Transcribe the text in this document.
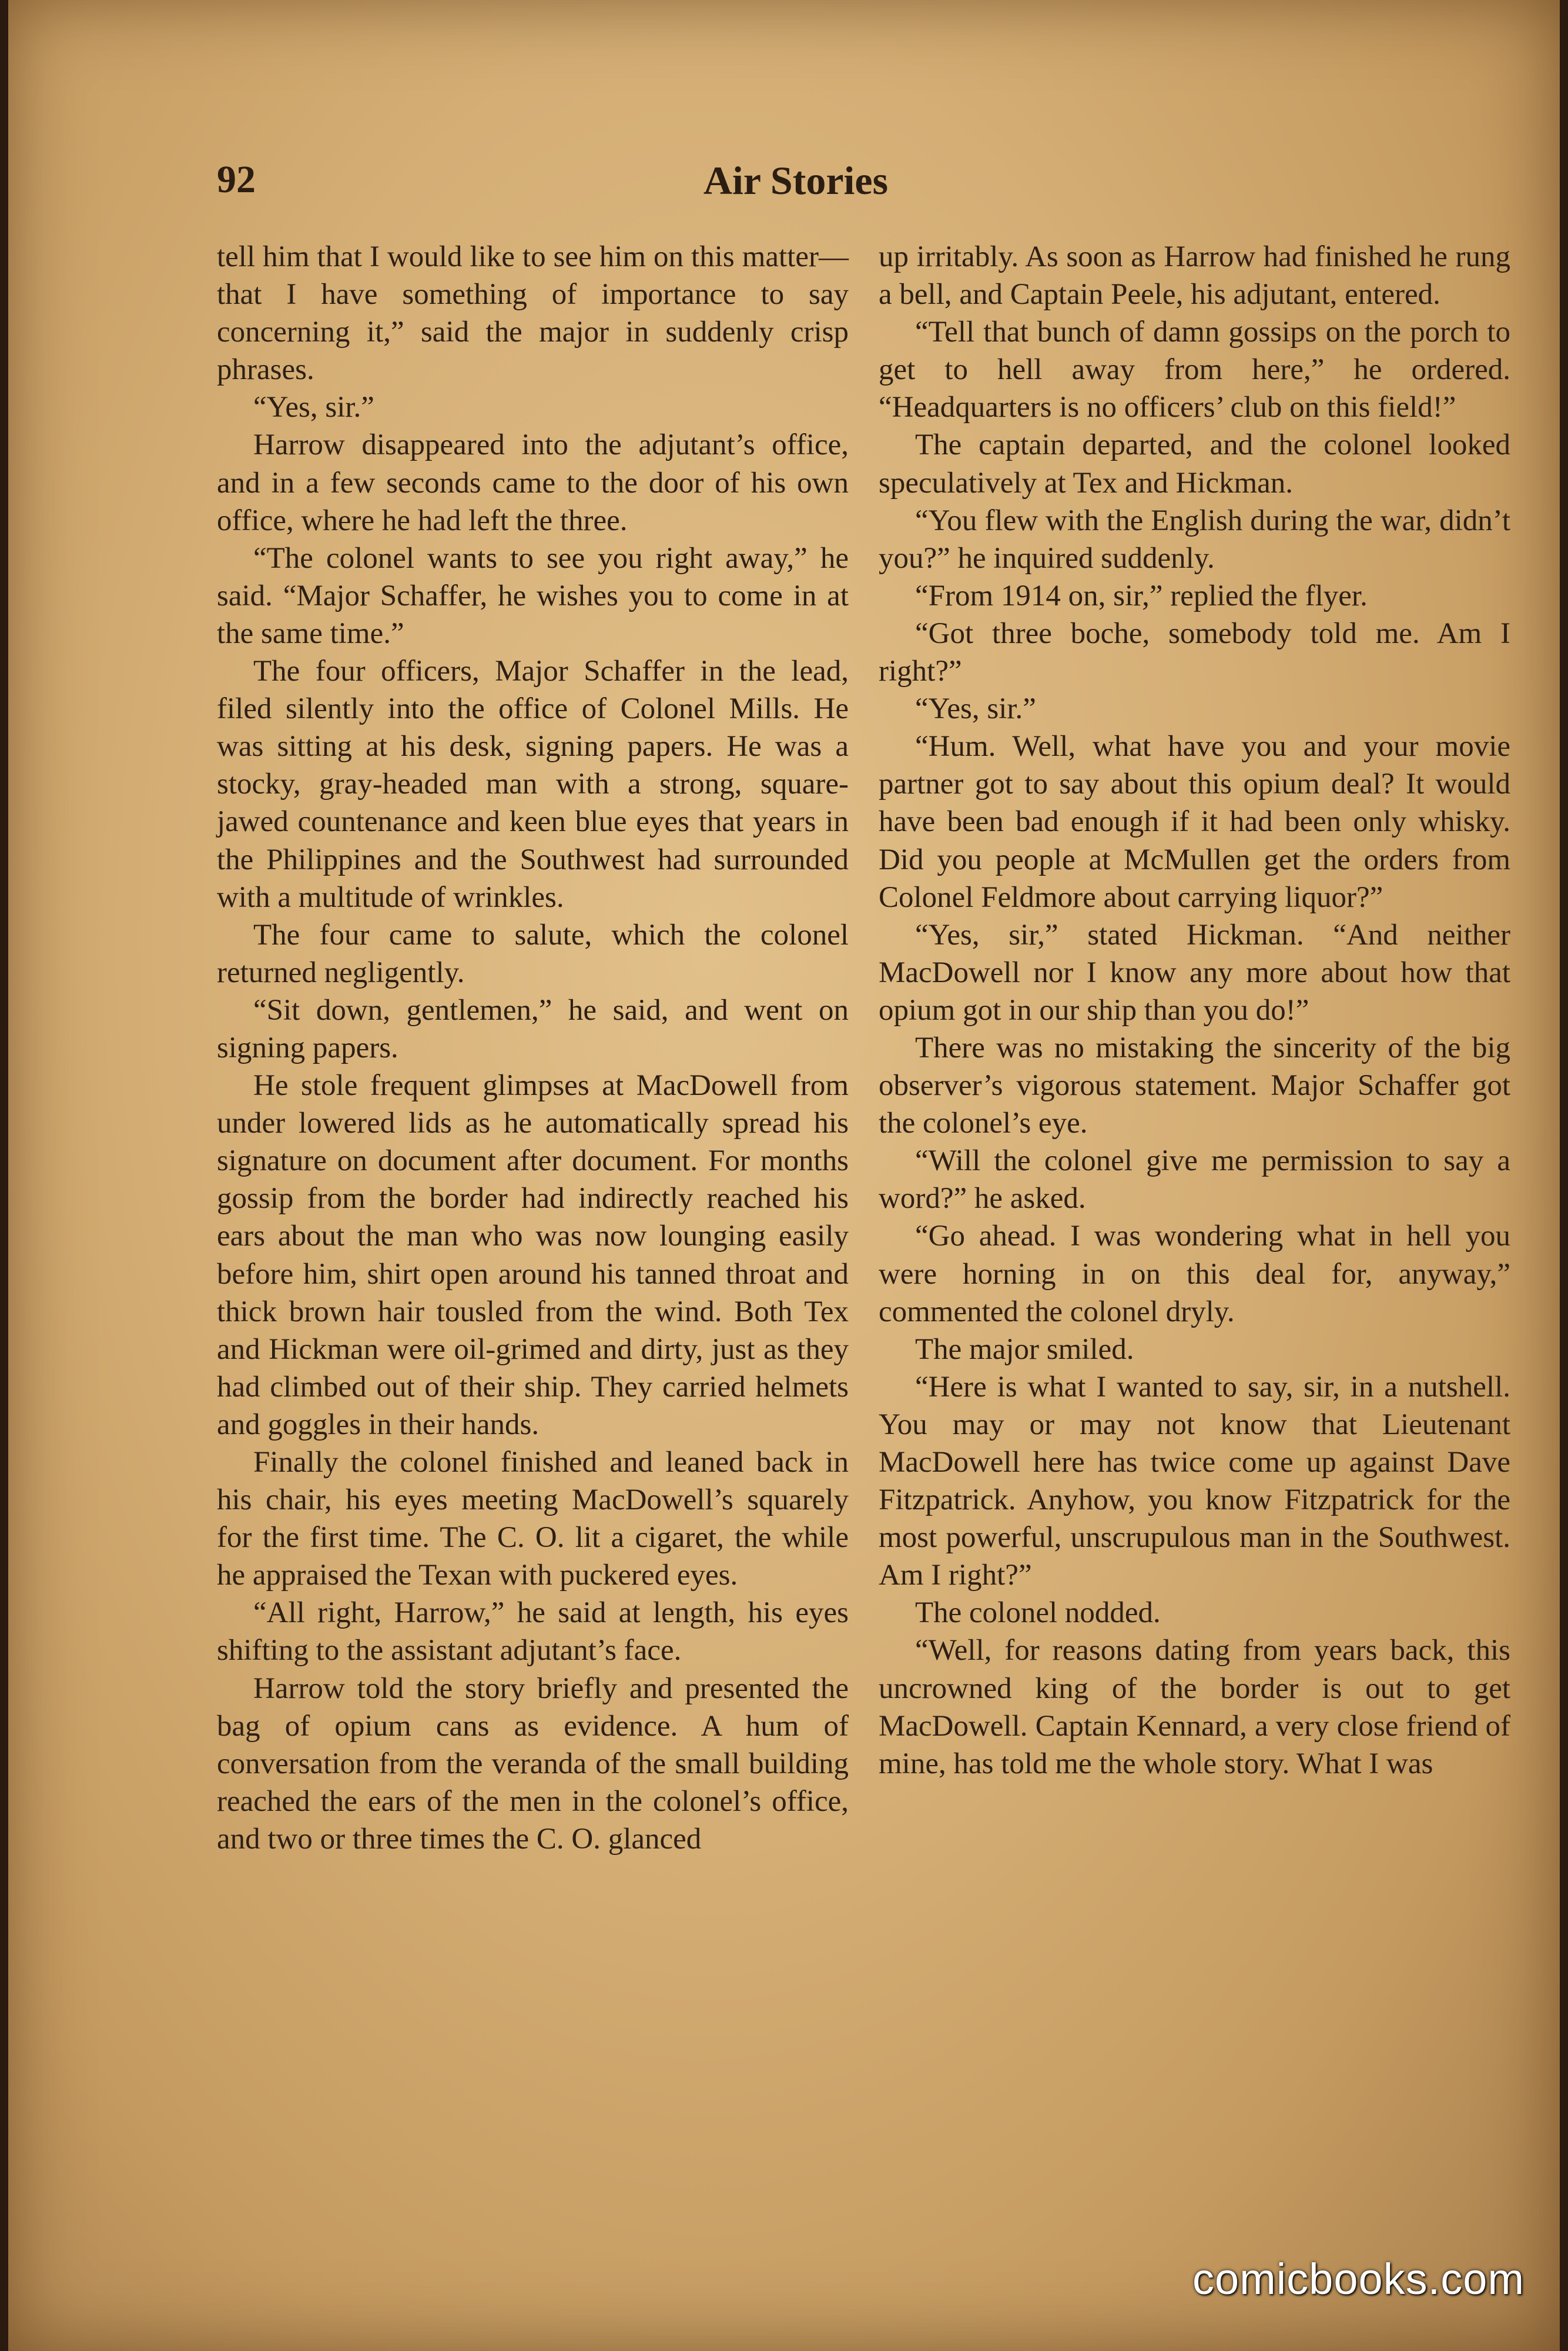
92	Air Stories

tell him that I would like to see him on this matter—that I have something of importance to say concerning it,” said the major in suddenly crisp phrases.

“Yes, sir.”

Harrow disappeared into the adjutant’s office, and in a few seconds came to the door of his own office, where he had left the three.

“The colonel wants to see you right away,” he said. “Major Schaffer, he wishes you to come in at the same time.”

The four officers, Major Schaffer in the lead, filed silently into the office of Colonel Mills. He was sitting at his desk, signing papers. He was a stocky, gray-headed man with a strong, square-jawed countenance and keen blue eyes that years in the Philippines and the Southwest had surrounded with a multitude of wrinkles.

The four came to salute, which the colonel returned negligently.

“Sit down, gentlemen,” he said, and went on signing papers.

He stole frequent glimpses at MacDowell from under lowered lids as he automatically spread his signature on document after document. For months gossip from the border had indirectly reached his ears about the man who was now lounging easily before him, shirt open around his tanned throat and thick brown hair tousled from the wind. Both Tex and Hickman were oil-grimed and dirty, just as they had climbed out of their ship. They carried helmets and goggles in their hands.

Finally the colonel finished and leaned back in his chair, his eyes meeting MacDowell’s squarely for the first time. The C. O. lit a cigaret, the while he appraised the Texan with puckered eyes.

“All right, Harrow,” he said at length, his eyes shifting to the assistant adjutant’s face.

Harrow told the story briefly and presented the bag of opium cans as evidence. A hum of conversation from the veranda of the small building reached the ears of the men in the colonel’s office, and two or three times the C. O. glanced

up irritably. As soon as Harrow had finished he rung a bell, and Captain Peele, his adjutant, entered.

“Tell that bunch of damn gossips on the porch to get to hell away from here,” he ordered. “Headquarters is no officers’ club on this field!”

The captain departed, and the colonel looked speculatively at Tex and Hickman.

“You flew with the English during the war, didn’t you?” he inquired suddenly.

“From 1914 on, sir,” replied the flyer.

“Got three boche, somebody told me. Am I right?”

“Yes, sir.”

“Hum. Well, what have you and your movie partner got to say about this opium deal? It would have been bad enough if it had been only whisky. Did you people at McMullen get the orders from Colonel Feldmore about carrying liquor?”

“Yes, sir,” stated Hickman. “And neither MacDowell nor I know any more about how that opium got in our ship than you do!”

There was no mistaking the sincerity of the big observer’s vigorous statement. Major Schaffer got the colonel’s eye.

“Will the colonel give me permission to say a word?” he asked.

“Go ahead. I was wondering what in hell you were horning in on this deal for, anyway,” commented the colonel dryly.

The major smiled.

“Here is what I wanted to say, sir, in a nutshell. You may or may not know that Lieutenant MacDowell here has twice come up against Dave Fitzpatrick. Anyhow, you know Fitzpatrick for the most powerful, unscrupulous man in the Southwest. Am I right?”

The colonel nodded.

“Well, for reasons dating from years back, this uncrowned king of the border is out to get MacDowell. Captain Kennard, a very close friend of mine, has told me the whole story. What I was

comicbooks.com
